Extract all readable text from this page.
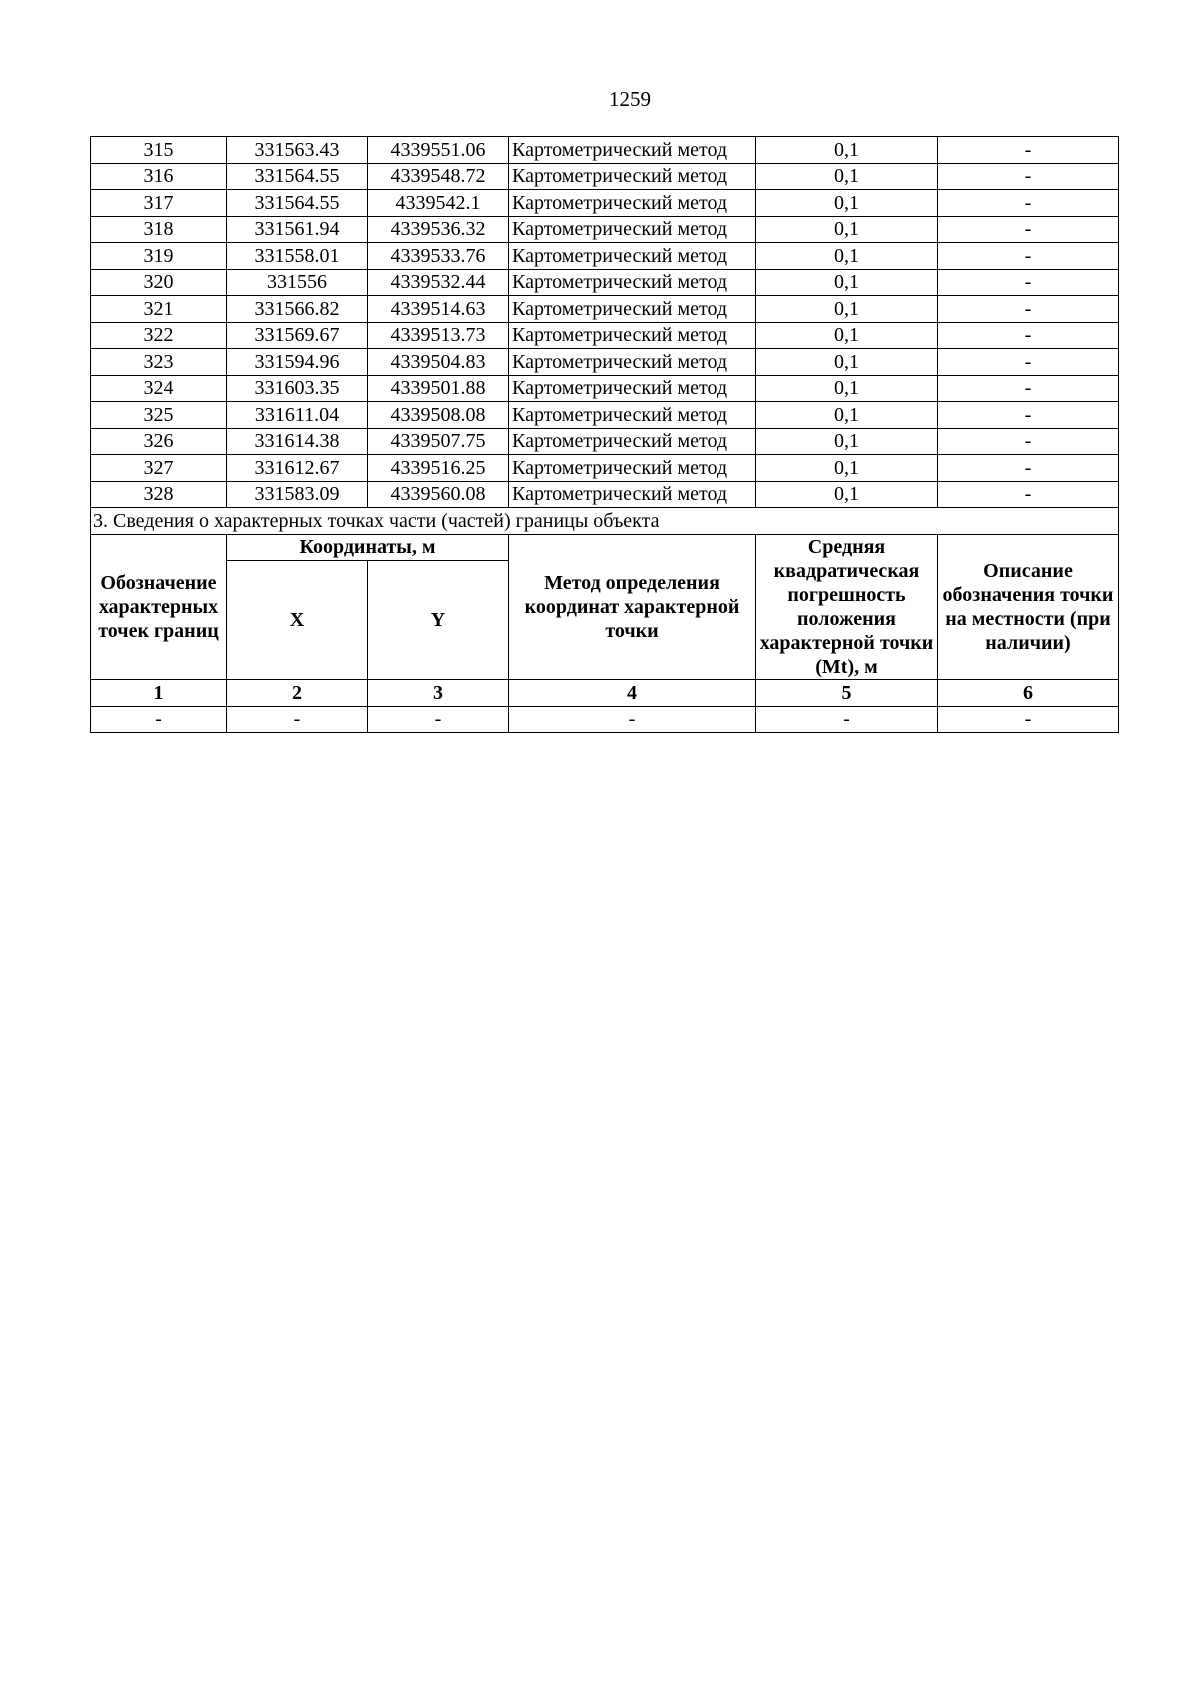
1259
315	331563.43	4339551.06	Картометрический метод	0,1	-
316	331564.55	4339548.72	Картометрический метод	0,1	-
317	331564.55	4339542.1	Картометрический метод	0,1	-
318	331561.94	4339536.32	Картометрический метод	0,1	-
319	331558.01	4339533.76	Картометрический метод	0,1	-
320	331556	4339532.44	Картометрический метод	0,1	-
321	331566.82	4339514.63	Картометрический метод	0,1	-
322	331569.67	4339513.73	Картометрический метод	0,1	-
323	331594.96	4339504.83	Картометрический метод	0,1	-
324	331603.35	4339501.88	Картометрический метод	0,1	-
325	331611.04	4339508.08	Картометрический метод	0,1	-
326	331614.38	4339507.75	Картометрический метод	0,1	-
327	331612.67	4339516.25	Картометрический метод	0,1	-
328	331583.09	4339560.08	Картометрический метод	0,1	-
3. Сведения о характерных точках части (частей) границы объекта					
Обозначение характерных точек границ	Координаты, м		Метод определения координат характерной точки	Средняя квадратическая погрешность положения характерной точки (Mt), м	Описание обозначения точки на местности (при наличии)
	X	Y			
1	2	3	4	5	6
-	-	-	-	-	-
